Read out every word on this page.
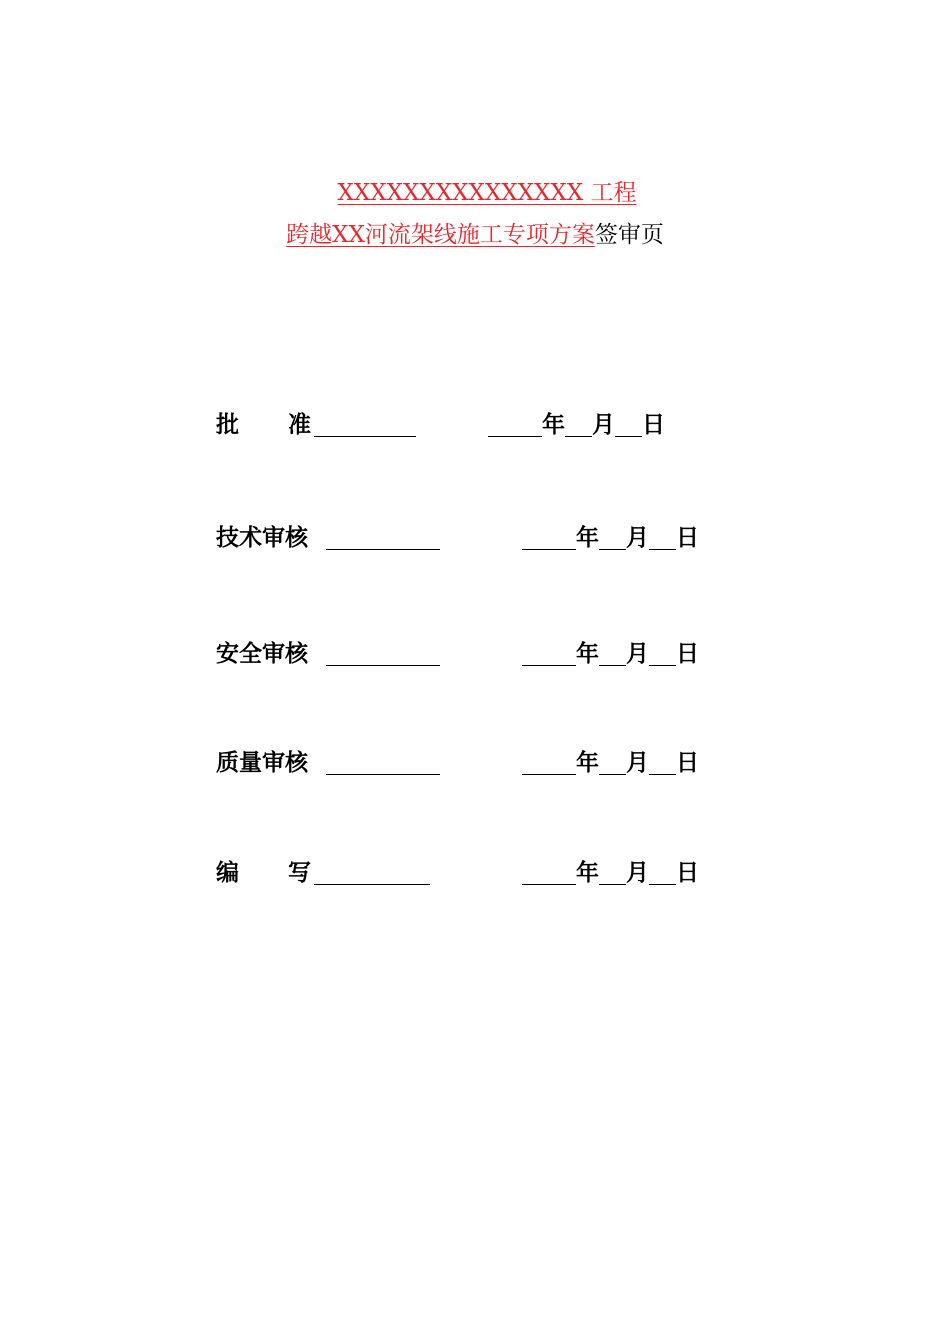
XXXXXXXXXXXXXXX 工程
跨越XX河流架线施工专项方案签审页
批 准	年 月 日
技术审核	年 月 日
安全审核	年 月 日
质量审核	年 月 日
编 写	年 月 日
